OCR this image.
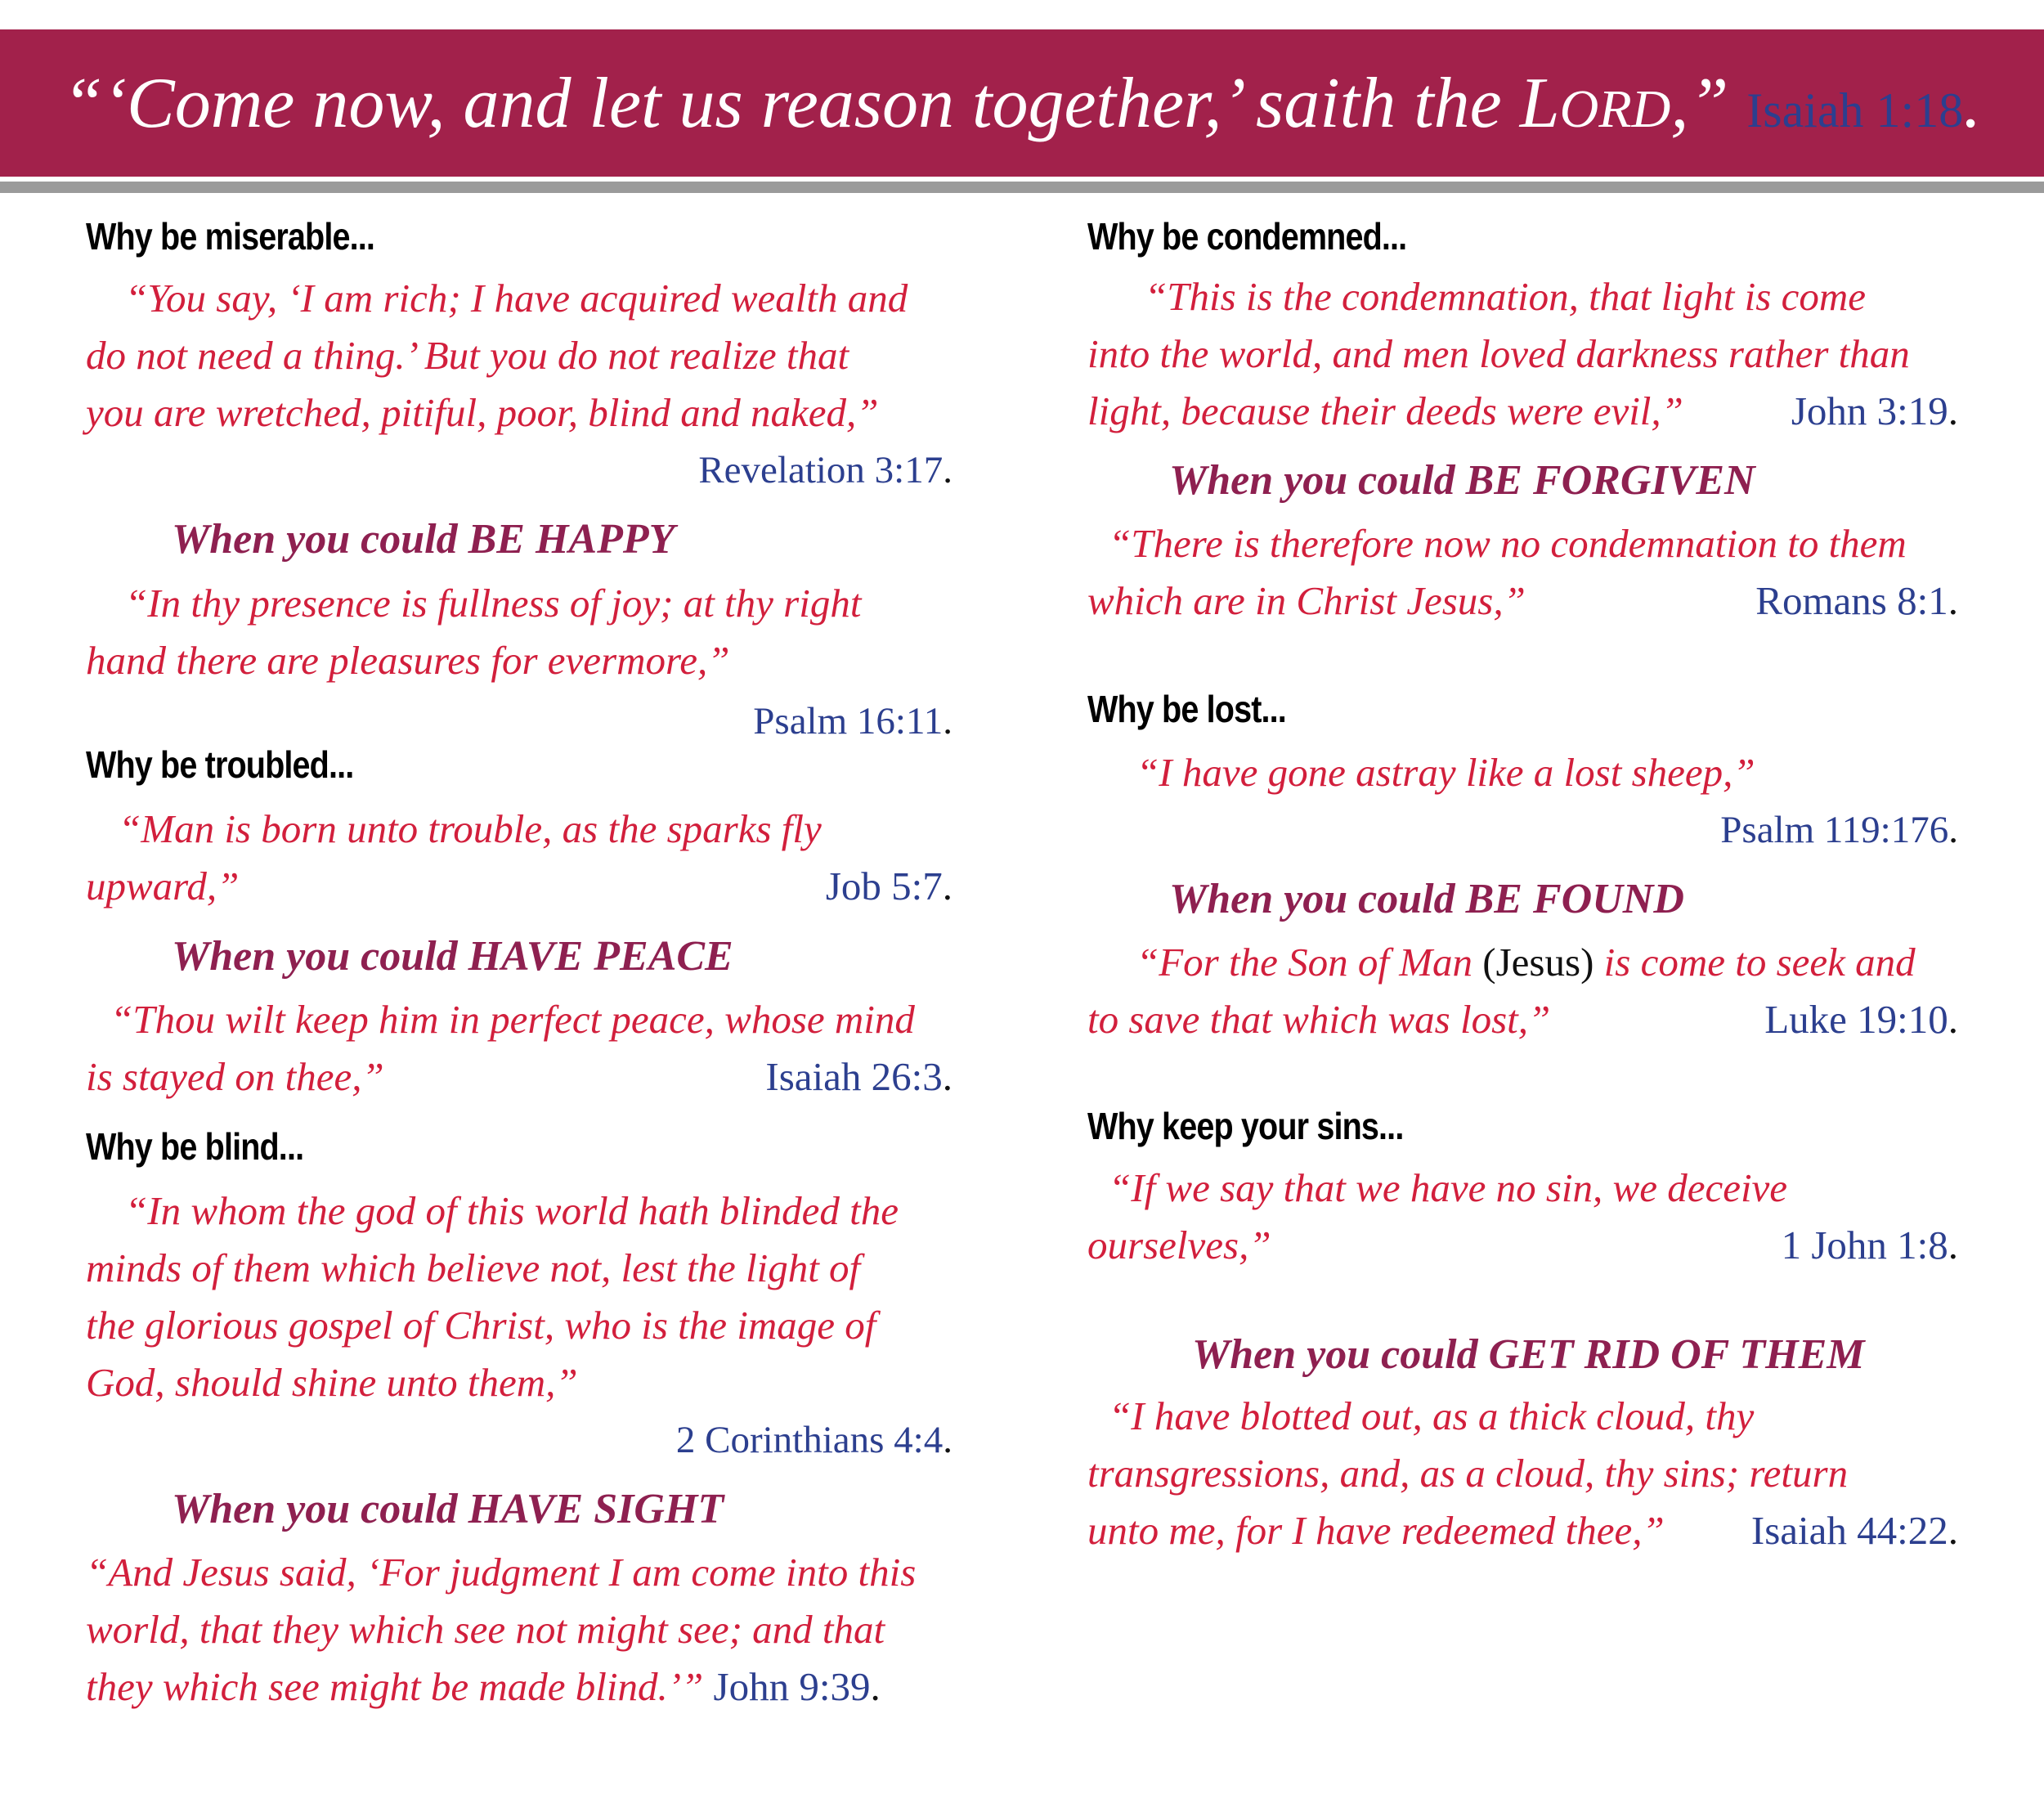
“‘Come now, and let us reason together,’ saith the LORD,” Isaiah 1:18.

Why be miserable...

“You say, ‘I am rich; I have acquired wealth and

do not need a thing.’ But you do not realize that

you are wretched, pitiful, poor, blind and naked,”

Revelation 3:17.

When you could BE HAPPY

“In thy presence is fullness of joy; at thy right

hand there are pleasures for evermore,”

Psalm 16:11.

Why be troubled...

“Man is born unto trouble, as the sparks fly

upward,”	Job 5:7.

When you could HAVE PEACE

“Thou wilt keep him in perfect peace, whose mind

is stayed on thee,”	Isaiah 26:3.

Why be blind...

“In whom the god of this world hath blinded the

minds of them which believe not, lest the light of

the glorious gospel of Christ, who is the image of

God, should shine unto them,”

2 Corinthians 4:4.

When you could HAVE SIGHT

“And Jesus said, ‘For judgment I am come into this

world, that they which see not might see; and that

they which see might be made blind.’” John 9:39.

Why be condemned...

“This is the condemnation, that light is come

into the world, and men loved darkness rather than

light, because their deeds were evil,”	John 3:19.

When you could BE FORGIVEN

“There is therefore now no condemnation to them

which are in Christ Jesus,”	Romans 8:1.

Why be lost...

“I have gone astray like a lost sheep,”

Psalm 119:176.

When you could BE FOUND

“For the Son of Man (Jesus) is come to seek and

to save that which was lost,”	Luke 19:10.

Why keep your sins...

“If we say that we have no sin, we deceive

ourselves,”	1 John 1:8.

When you could GET RID OF THEM

“I have blotted out, as a thick cloud, thy

transgressions, and, as a cloud, thy sins; return

unto me, for I have redeemed thee,” Isaiah 44:22.
